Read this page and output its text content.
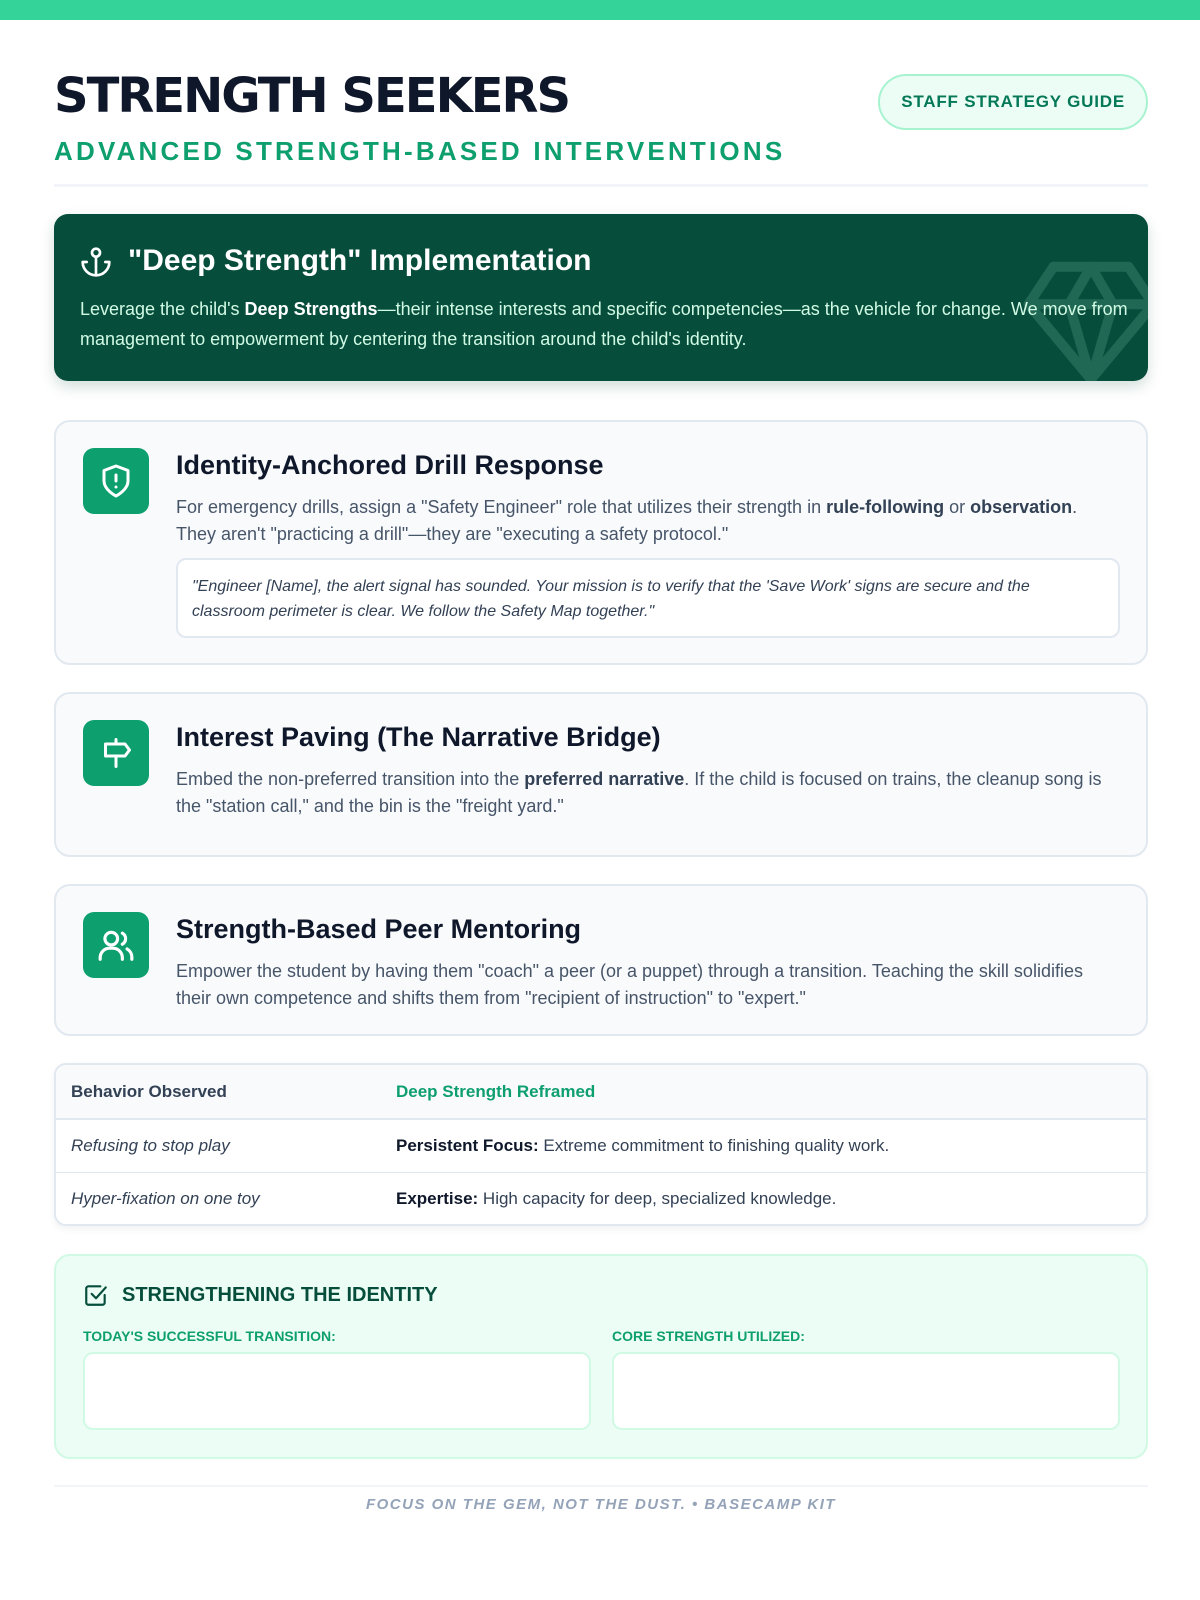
STRENGTH SEEKERS
ADVANCED STRENGTH-BASED INTERVENTIONS
STAFF STRATEGY GUIDE
"Deep Strength" Implementation
Leverage the child's Deep Strengths—their intense interests and specific competencies—as the vehicle for change. We move from management to empowerment by centering the transition around the child's identity.
Identity-Anchored Drill Response
For emergency drills, assign a "Safety Engineer" role that utilizes their strength in rule-following or observation. They aren't "practicing a drill"—they are "executing a safety protocol."
"Engineer [Name], the alert signal has sounded. Your mission is to verify that the 'Save Work' signs are secure and the classroom perimeter is clear. We follow the Safety Map together."
Interest Paving (The Narrative Bridge)
Embed the non-preferred transition into the preferred narrative. If the child is focused on trains, the cleanup song is the "station call," and the bin is the "freight yard."
Strength-Based Peer Mentoring
Empower the student by having them "coach" a peer (or a puppet) through a transition. Teaching the skill solidifies their own competence and shifts them from "recipient of instruction" to "expert."
Behavior Observed	Deep Strength Reframed
Refusing to stop play	Persistent Focus: Extreme commitment to finishing quality work.
Hyper-fixation on one toy	Expertise: High capacity for deep, specialized knowledge.
STRENGTHENING THE IDENTITY
TODAY'S SUCCESSFUL TRANSITION:	CORE STRENGTH UTILIZED:
FOCUS ON THE GEM, NOT THE DUST. • BASECAMP KIT
